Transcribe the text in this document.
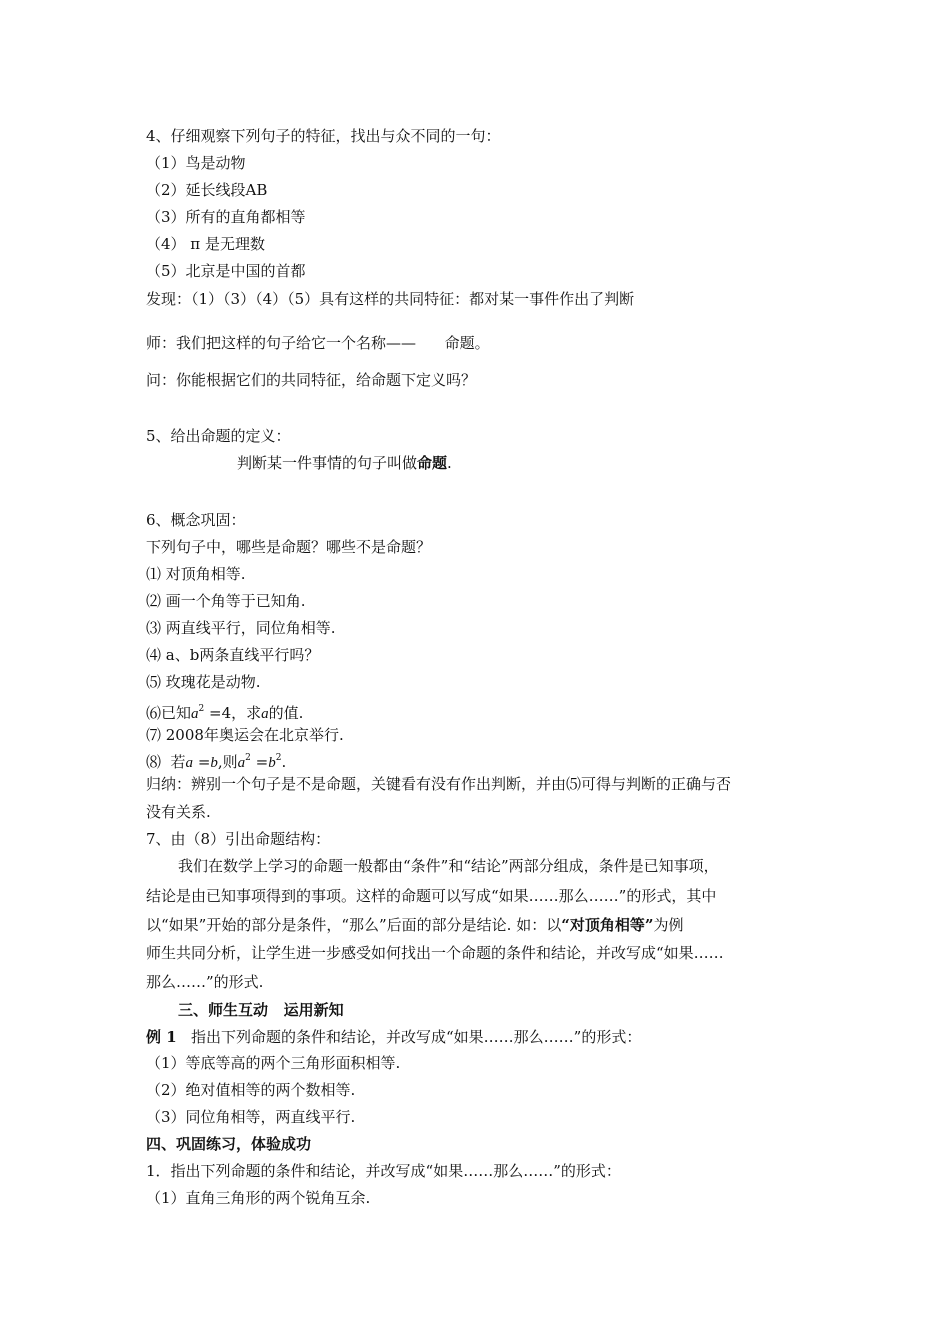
4、仔细观察下列句子的特征，找出与众不同的一句：
（1）鸟是动物
（2）延长线段AB
（3）所有的直角都相等
（4） π 是无理数
（5）北京是中国的首都
发现：（1）（3）（4）（5）具有这样的共同特征：都对某一事件作出了判断
师：我们把这样的句子给它一个名称——      命题。
问：你能根据它们的共同特征，给命题下定义吗？
5、给出命题的定义：
判断某一件事情的句子叫做命题.
6、概念巩固：
下列句子中，哪些是命题？哪些不是命题？
⑴ 对顶角相等.
⑵ 画一个角等于已知角.
⑶ 两直线平行，同位角相等.
⑷ a、b两条直线平行吗？
⑸ 玫瑰花是动物.
⑹已知$a^2 =4$，求a的值.
⑺ 2008年奥运会在北京举行.
⑻  若a =b,则$a^2 =b^2$.
归纳：辨别一个句子是不是命题，关键看有没有作出判断，并由⑸可得与判断的正确与否
没有关系.
7、由（8）引出命题结构：
我们在数学上学习的命题一般都由“条件”和“结论”两部分组成，条件是已知事项，
结论是由已知事项得到的事项。这样的命题可以写成“如果……那么……”的形式，其中
以“如果”开始的部分是条件，“那么”后面的部分是结论. 如：以“对顶角相等”为例
师生共同分析，让学生进一步感受如何找出一个命题的条件和结论，并改写成“如果……
那么……”的形式.
三、师生互动   运用新知
例 1   指出下列命题的条件和结论，并改写成“如果……那么……”的形式：
（1）等底等高的两个三角形面积相等.
（2）绝对值相等的两个数相等.
（3）同位角相等，两直线平行.
四、巩固练习，体验成功
1．指出下列命题的条件和结论，并改写成“如果……那么……”的形式：
（1）直角三角形的两个锐角互余.
